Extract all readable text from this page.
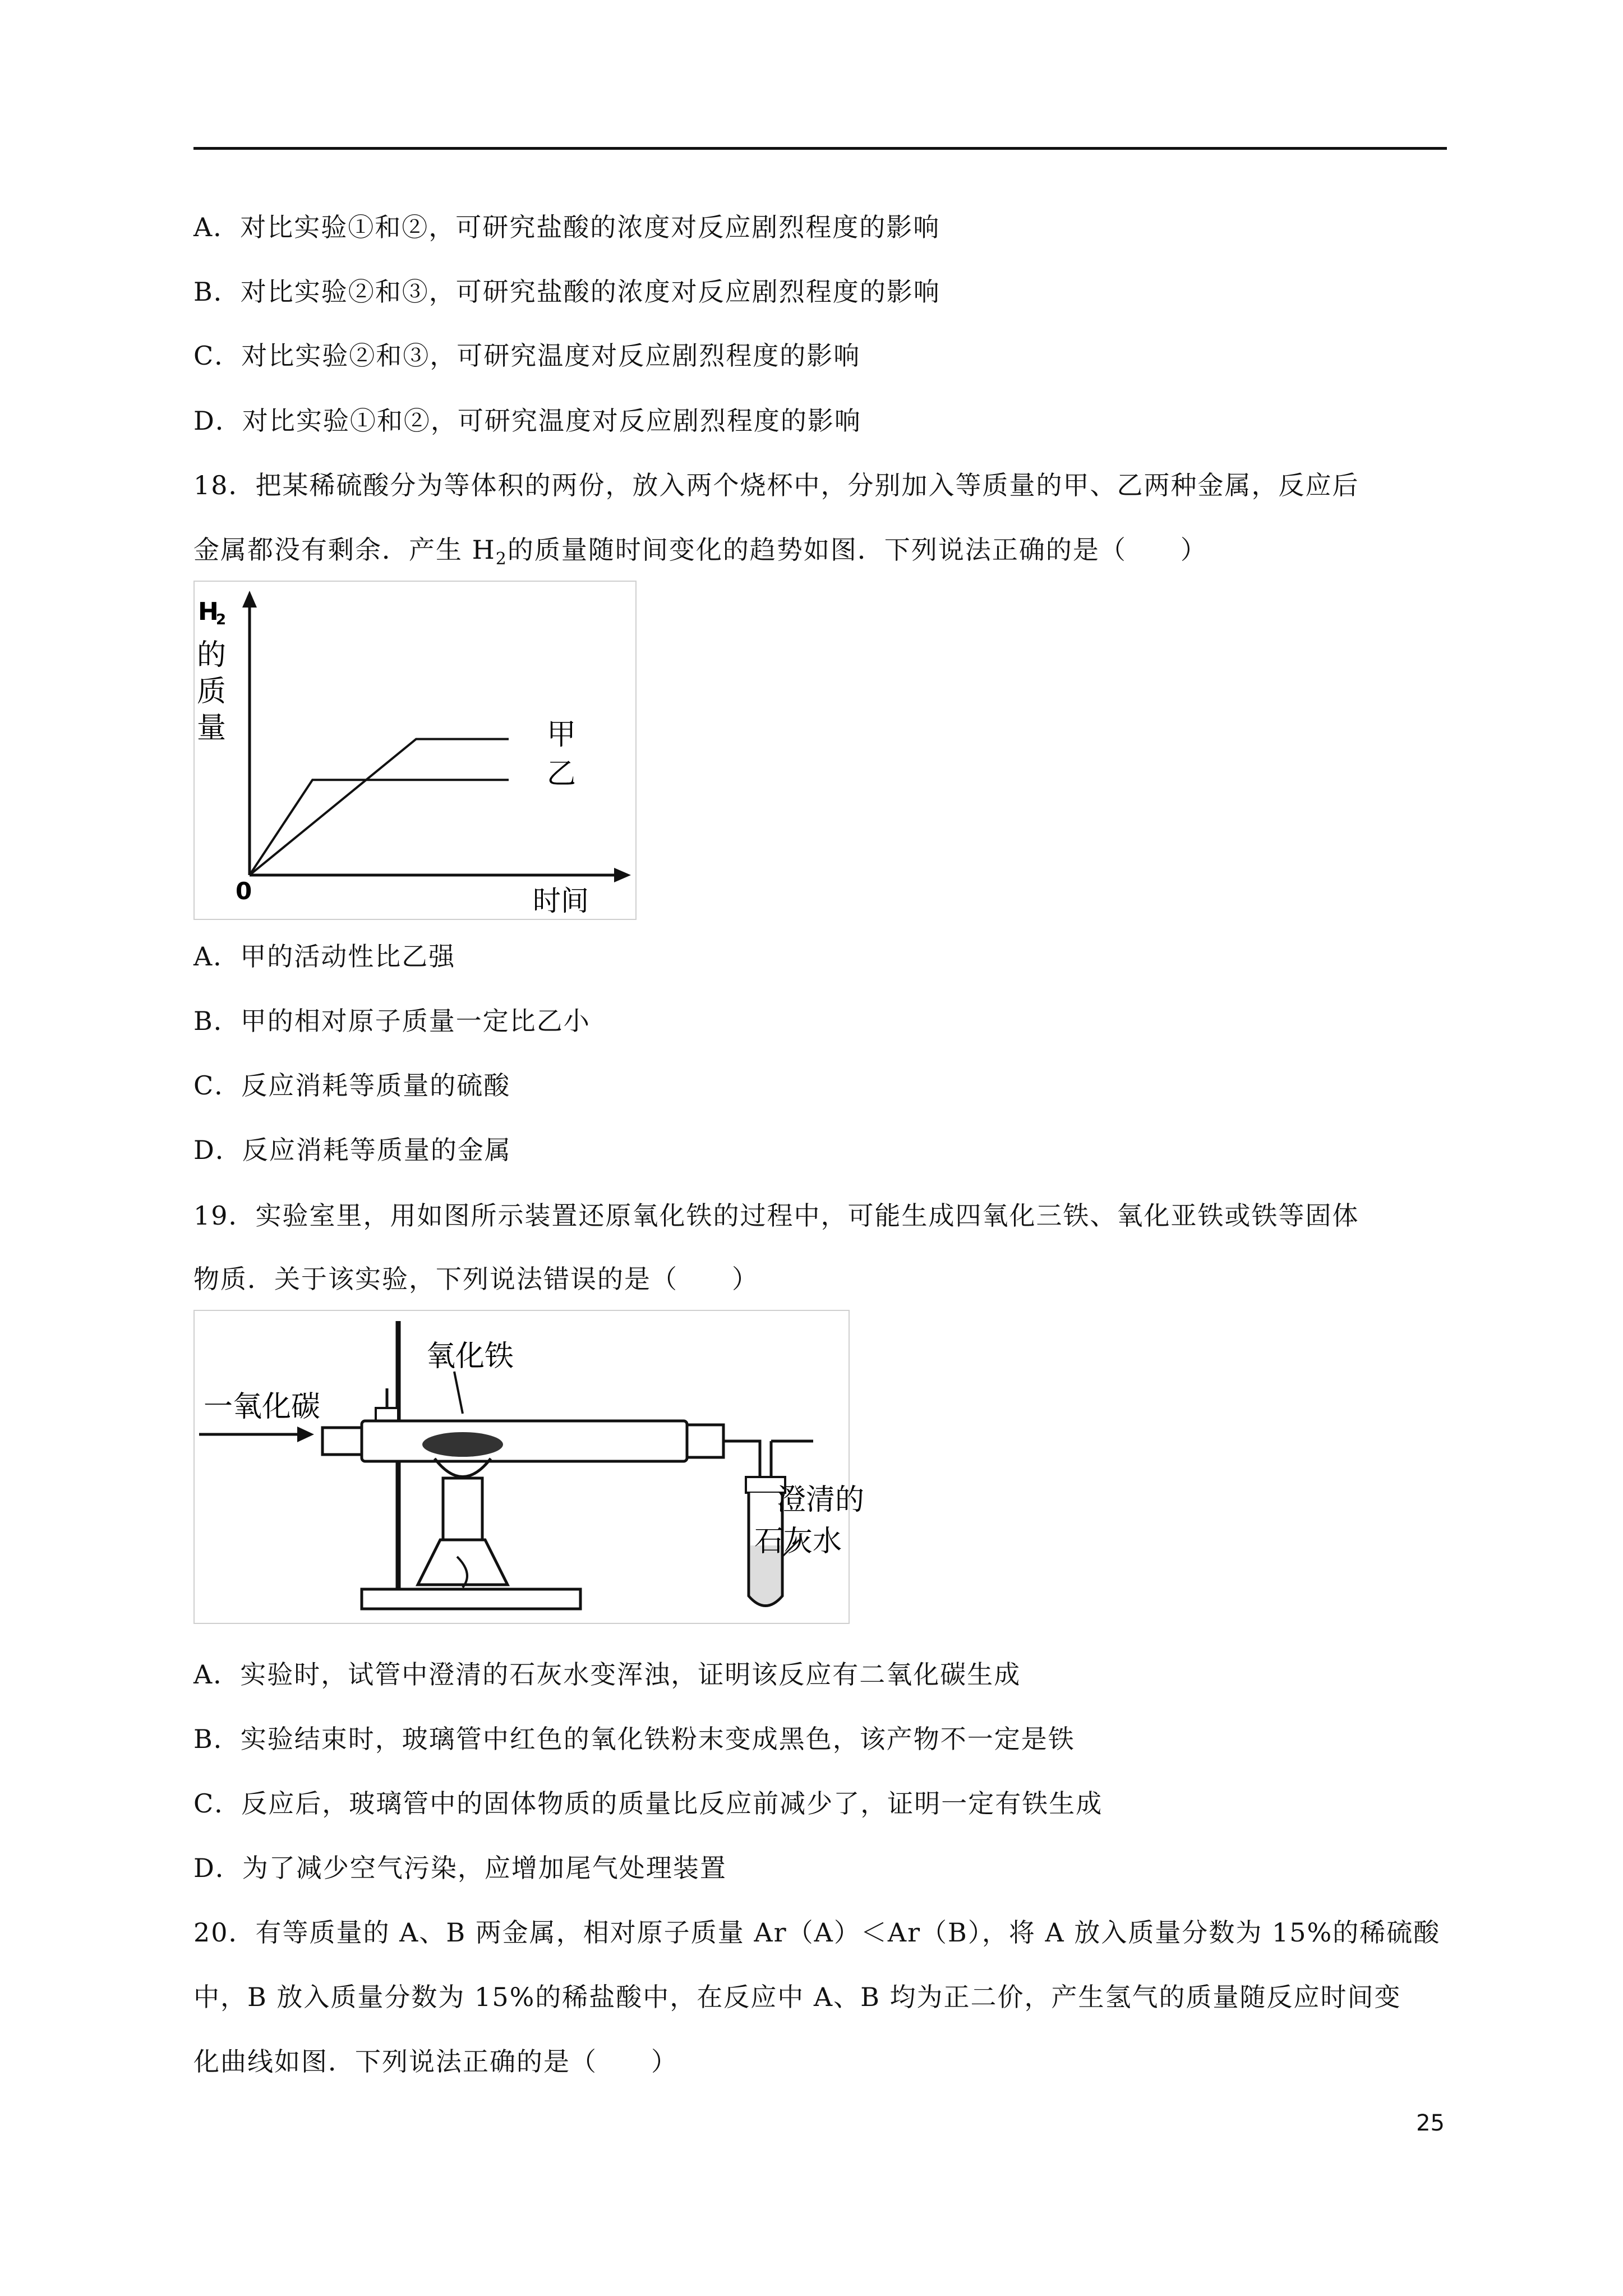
A．对比实验①和②，可研究盐酸的浓度对反应剧烈程度的影响
B．对比实验②和③，可研究盐酸的浓度对反应剧烈程度的影响
C．对比实验②和③，可研究温度对反应剧烈程度的影响
D．对比实验①和②，可研究温度对反应剧烈程度的影响
18．把某稀硫酸分为等体积的两份，放入两个烧杯中，分别加入等质量的甲、乙两种金属，反应后
金属都没有剩余．产生 $H_2$的质量随时间变化的趋势如图．下列说法正确的是（　　）
H
2
的
质
量
0	时间
甲
乙
A．甲的活动性比乙强
B．甲的相对原子质量一定比乙小
C．反应消耗等质量的硫酸
D．反应消耗等质量的金属
19．实验室里，用如图所示装置还原氧化铁的过程中，可能生成四氧化三铁、氧化亚铁或铁等固体
物质．关于该实验，下列说法错误的是（　　）
一氧化碳
氧化铁
澄清的
石灰水
A．实验时，试管中澄清的石灰水变浑浊，证明该反应有二氧化碳生成
B．实验结束时，玻璃管中红色的氧化铁粉末变成黑色，该产物不一定是铁
C．反应后，玻璃管中的固体物质的质量比反应前减少了，证明一定有铁生成
D．为了减少空气污染，应增加尾气处理装置
20．有等质量的 A、B 两金属，相对原子质量 Ar（A）＜Ar（B），将 A 放入质量分数为 15%的稀硫酸
中，B 放入质量分数为 15%的稀盐酸中，在反应中 A、B 均为正二价，产生氢气的质量随反应时间变
化曲线如图．下列说法正确的是（　　）
25
